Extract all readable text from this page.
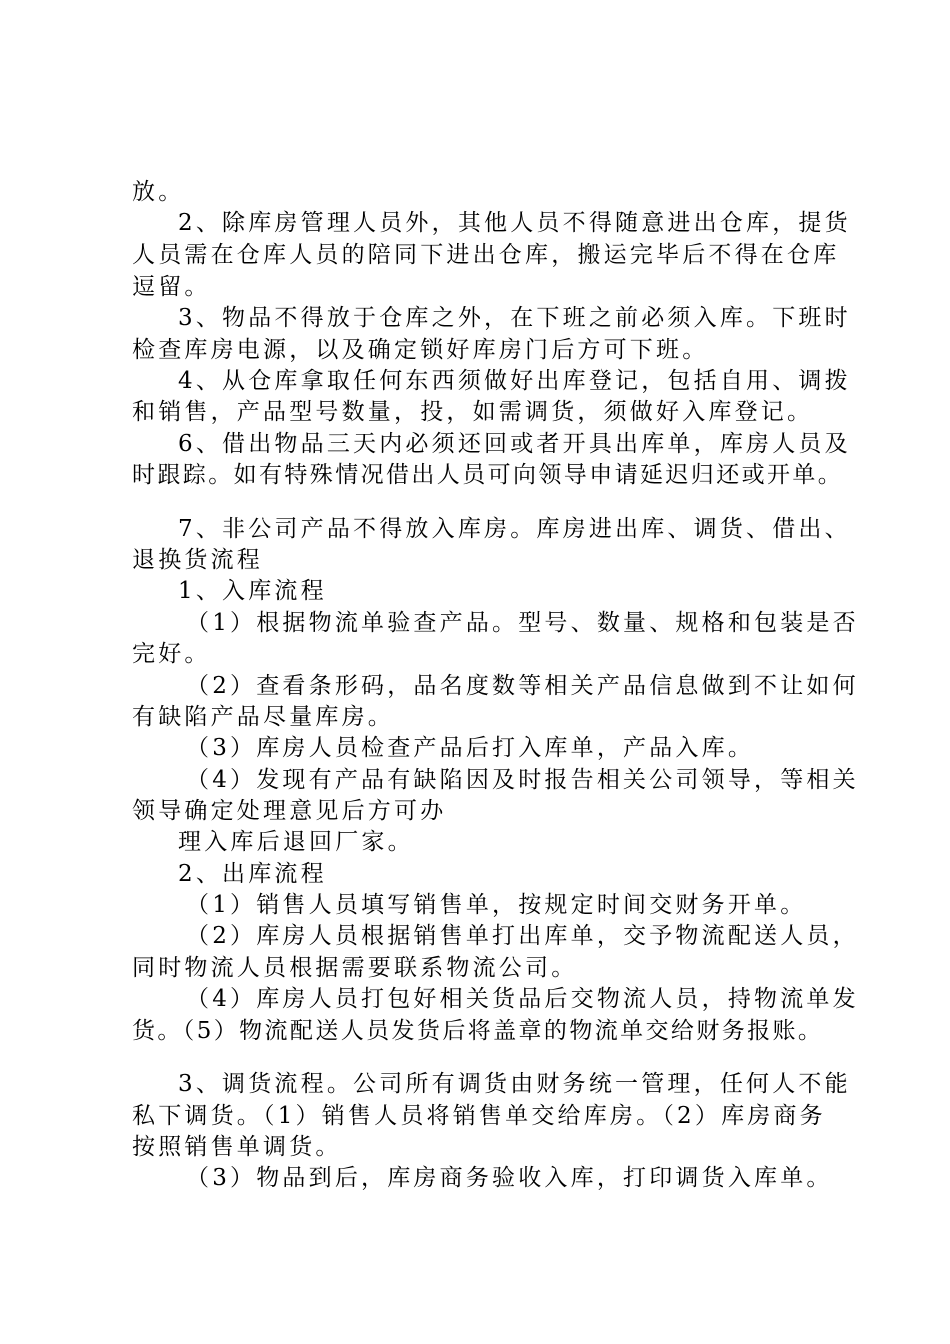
放。
2、除库房管理人员外，其他人员不得随意进出仓库，提货
人员需在仓库人员的陪同下进出仓库，搬运完毕后不得在仓库
逗留。
3、物品不得放于仓库之外，在下班之前必须入库。下班时
检查库房电源，以及确定锁好库房门后方可下班。
4、从仓库拿取任何东西须做好出库登记，包括自用、调拨
和销售，产品型号数量，投，如需调货，须做好入库登记。
6、借出物品三天内必须还回或者开具出库单，库房人员及
时跟踪。如有特殊情况借出人员可向领导申请延迟归还或开单。
7、非公司产品不得放入库房。库房进出库、调货、借出、
退换货流程
1、入库流程
（1）根据物流单验查产品。型号、数量、规格和包装是否
完好。
（2）查看条形码，品名度数等相关产品信息做到不让如何
有缺陷产品尽量库房。
（3）库房人员检查产品后打入库单，产品入库。
（4）发现有产品有缺陷因及时报告相关公司领导，等相关
领导确定处理意见后方可办
理入库后退回厂家。
2、出库流程
（1）销售人员填写销售单，按规定时间交财务开单。
（2）库房人员根据销售单打出库单，交予物流配送人员，
同时物流人员根据需要联系物流公司。
（4）库房人员打包好相关货品后交物流人员，持物流单发
货。（5）物流配送人员发货后将盖章的物流单交给财务报账。
3、调货流程。公司所有调货由财务统一管理，任何人不能
私下调货。（1）销售人员将销售单交给库房。（2）库房商务
按照销售单调货。
（3）物品到后，库房商务验收入库，打印调货入库单。
